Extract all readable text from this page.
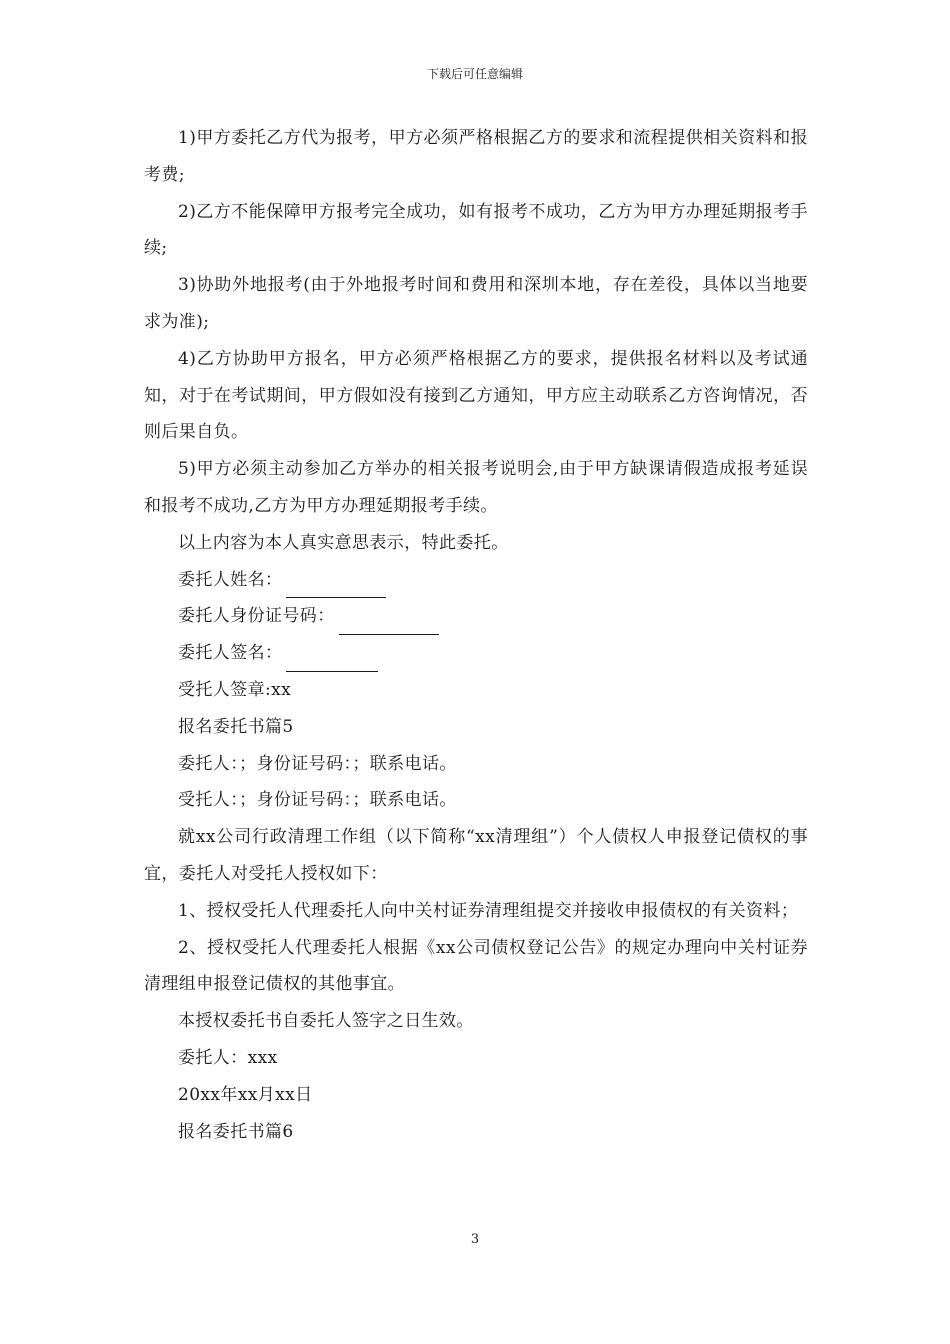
下载后可任意编辑

1)甲方委托乙方代为报考，甲方必须严格根据乙方的要求和流程提供相关资料和报考费;

2)乙方不能保障甲方报考完全成功，如有报考不成功，乙方为甲方办理延期报考手续;

3)协助外地报考(由于外地报考时间和费用和深圳本地，存在差役，具体以当地要求为准);

4)乙方协助甲方报名，甲方必须严格根据乙方的要求，提供报名材料以及考试通知，对于在考试期间，甲方假如没有接到乙方通知，甲方应主动联系乙方咨询情况，否则后果自负。

5)甲方必须主动参加乙方举办的相关报考说明会,由于甲方缺课请假造成报考延误和报考不成功,乙方为甲方办理延期报考手续。

以上内容为本人真实意思表示，特此委托。

委托人姓名：

委托人身份证号码：

委托人签名：

受托人签章:xx

报名委托书篇5

委托人：；身份证号码：；联系电话。

受托人：；身份证号码：；联系电话。

就xx公司行政清理工作组（以下简称“xx清理组”）个人债权人申报登记债权的事宜，委托人对受托人授权如下：

1、授权受托人代理委托人向中关村证券清理组提交并接收申报债权的有关资料；

2、授权受托人代理委托人根据《xx公司债权登记公告》的规定办理向中关村证券清理组申报登记债权的其他事宜。

本授权委托书自委托人签字之日生效。

委托人：xxx

20xx年xx月xx日

报名委托书篇6

3
